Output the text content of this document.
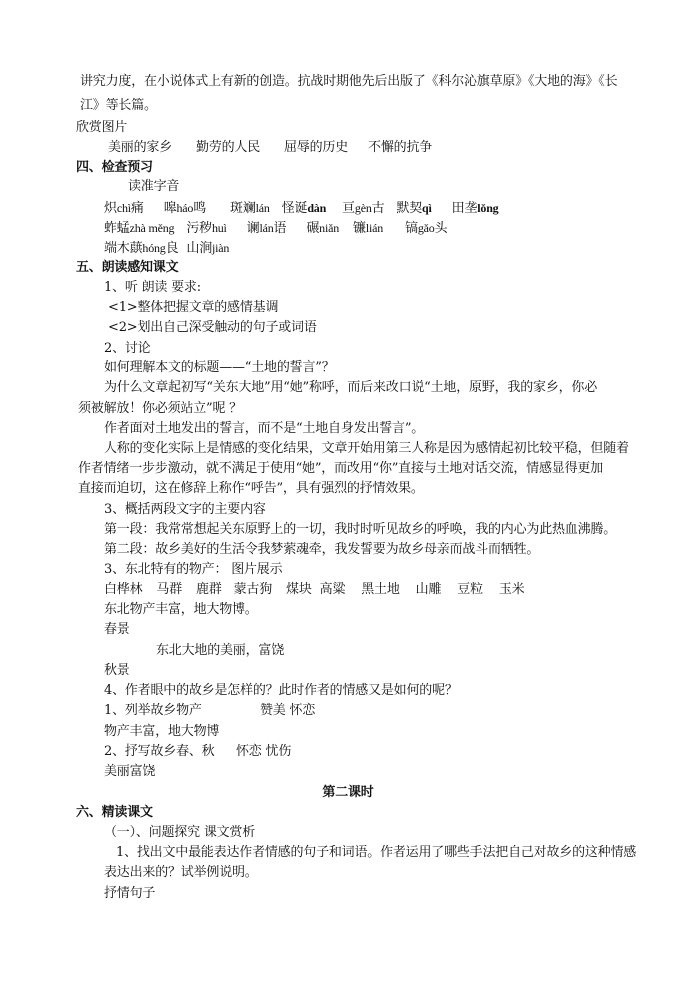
讲究力度，在小说体式上有新的创造。抗战时期他先后出版了《科尔沁旗草原》《大地的海》《长
江》等长篇。
欣赏图片
美丽的家乡 勤劳的人民 屈辱的历史 不懈的抗争
四、检查预习
读准字音
炽chì痛 嗥háo鸣 斑斓lán 怪诞dàn 亘gèn古 默契qì 田垄lǒng
蚱蜢zhà měng 污秽huì 谰lán语 碾niǎn 镰lián 镐gǎo头
端木蕻hóng良 山涧jiàn
五、朗读感知课文
1、听 朗读 要求:
<1>整体把握文章的感情基调
<2>划出自己深受触动的句子或词语
2、讨论
如何理解本文的标题——“土地的誓言”？
为什么文章起初写“关东大地”用“她”称呼，而后来改口说“土地，原野，我的家乡，你必
须被解放！你必须站立”呢 ？
作者面对土地发出的誓言，而不是“土地自身发出誓言”。
人称的变化实际上是情感的变化结果，文章开始用第三人称是因为感情起初比较平稳，但随着
作者情绪一步步激动，就不满足于使用“她”，而改用“你”直接与土地对话交流，情感显得更加
直接而迫切，这在修辞上称作“呼告”，具有强烈的抒情效果。
3、概括两段文字的主要内容
第一段：我常常想起关东原野上的一切，我时时听见故乡的呼唤，我的内心为此热血沸腾。
第二段：故乡美好的生活令我梦萦魂牵，我发誓要为故乡母亲而战斗而牺牲。
3、东北特有的物产： 图片展示
白桦林 马群 鹿群 蒙古狗 煤块 高粱 黑土地 山雕 豆粒 玉米
东北物产丰富，地大物博。
春景
东北大地的美丽，富饶
秋景
4、作者眼中的故乡是怎样的？此时作者的情感又是如何的呢？
1、列举故乡物产	赞美 怀恋
物产丰富，地大物博
2、抒写故乡春、秋 怀恋 忧伤
美丽富饶
第二课时
六、精读课文
（一）、问题探究 课文赏析
1、找出文中最能表达作者情感的句子和词语。作者运用了哪些手法把自己对故乡的这种情感
表达出来的？试举例说明。
抒情句子
